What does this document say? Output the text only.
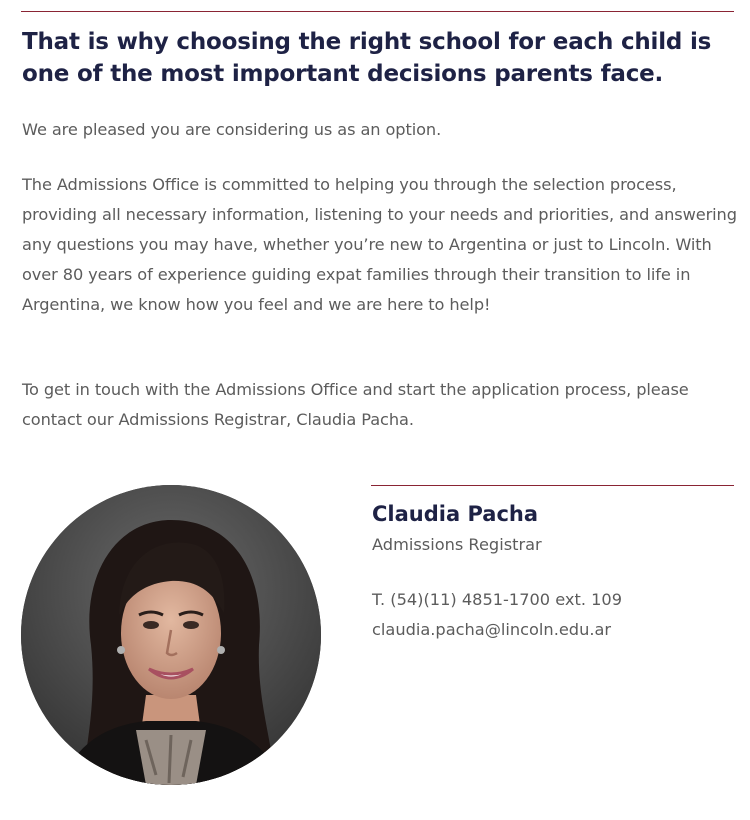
That is why choosing the right school for each child is one of the most important decisions parents face.

We are pleased you are considering us as an option.

The Admissions Office is committed to helping you through the selection process, providing all necessary information, listening to your needs and priorities, and answering any questions you may have, whether you’re new to Argentina or just to Lincoln. With over 80 years of experience guiding expat families through their transition to life in Argentina, we know how you feel and we are here to help!

To get in touch with the Admissions Office and start the application process, please contact our Admissions Registrar, Claudia Pacha.

Claudia Pacha

Admissions Registrar

T. (54)(11) 4851-1700 ext. 109

claudia.pacha@lincoln.edu.ar
